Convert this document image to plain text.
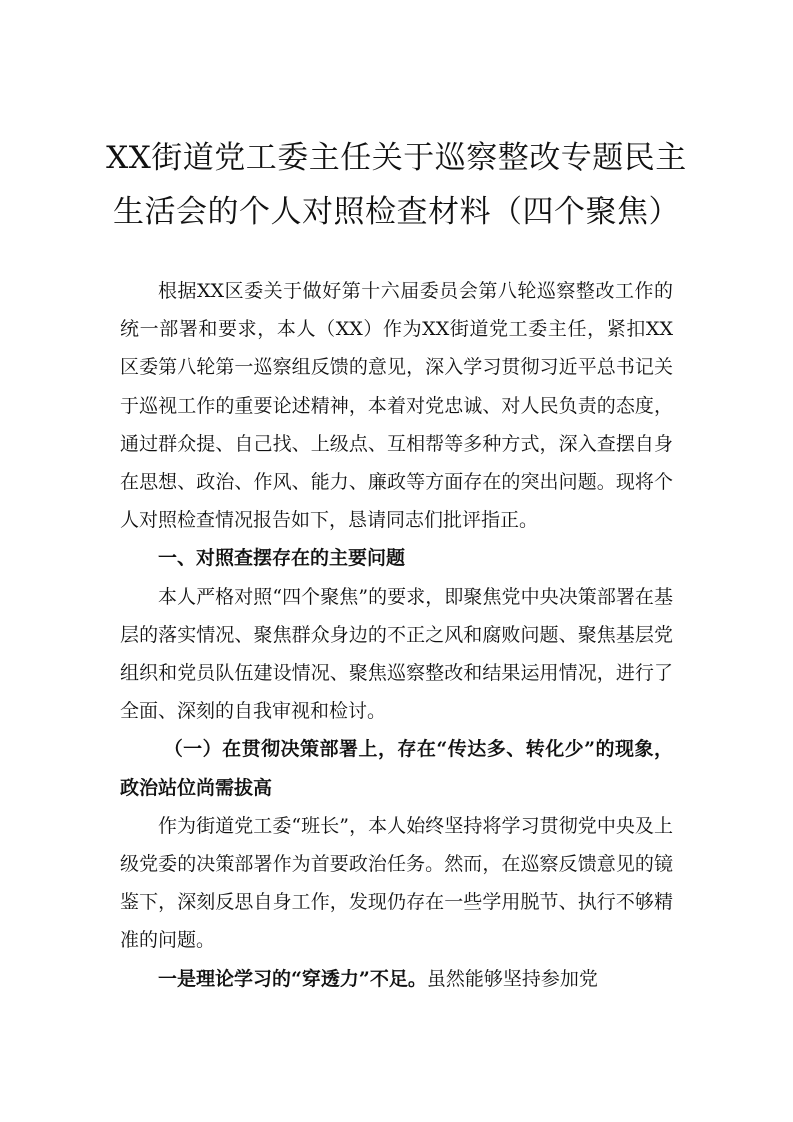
XX街道党工委主任关于巡察整改专题民主
生活会的个人对照检查材料（四个聚焦）

根据XX区委关于做好第十六届委员会第八轮巡察整改工作的统一部署和要求，本人（XX）作为XX街道党工委主任，紧扣XX区委第八轮第一巡察组反馈的意见，深入学习贯彻习近平总书记关于巡视工作的重要论述精神，本着对党忠诚、对人民负责的态度，通过群众提、自己找、上级点、互相帮等多种方式，深入查摆自身在思想、政治、作风、能力、廉政等方面存在的突出问题。现将个人对照检查情况报告如下，恳请同志们批评指正。

一、对照查摆存在的主要问题

本人严格对照“四个聚焦”的要求，即聚焦党中央决策部署在基层的落实情况、聚焦群众身边的不正之风和腐败问题、聚焦基层党组织和党员队伍建设情况、聚焦巡察整改和结果运用情况，进行了全面、深刻的自我审视和检讨。

（一）在贯彻决策部署上，存在“传达多、转化少”的现象，政治站位尚需拔高

作为街道党工委“班长”，本人始终坚持将学习贯彻党中央及上级党委的决策部署作为首要政治任务。然而，在巡察反馈意见的镜鉴下，深刻反思自身工作，发现仍存在一些学用脱节、执行不够精准的问题。

一是理论学习的“穿透力”不足。虽然能够坚持参加党
